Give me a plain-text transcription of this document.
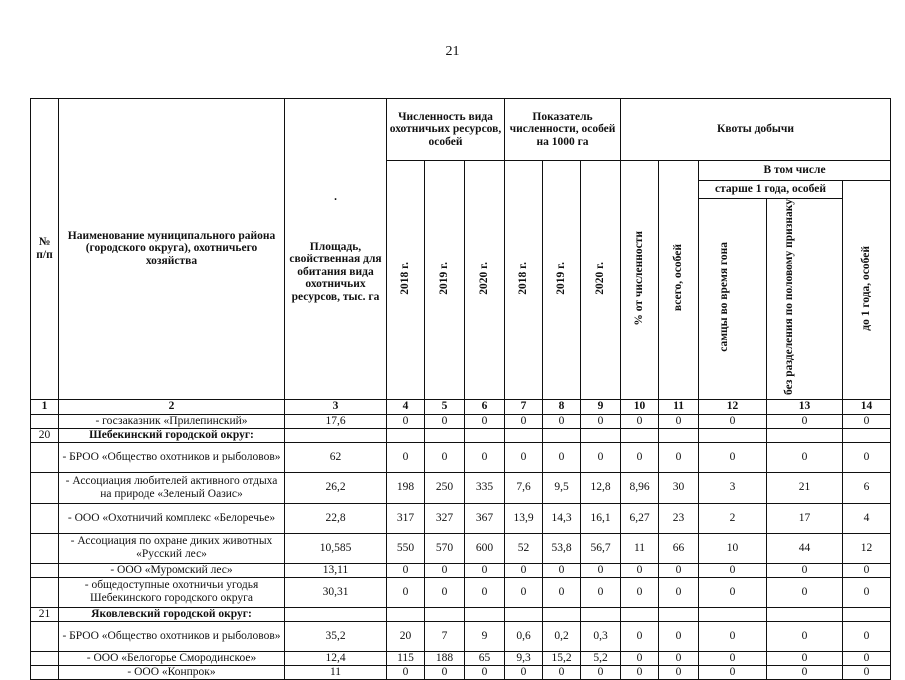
21
№ п/п	Наименование муниципального района (городского округа), охотничьего хозяйства	·
Площадь, свойственная для обитания вида охотничьих ресурсов, тыс. га	Численность вида охотничьих ресурсов, особей			Показатель численности, особей на 1000 га			Квоты добычи				
			2018 г.	2019 г.	2020 г.	2018 г.	2019 г.	2020 г.	% от численности	всего, особей	В том числе		
											старше 1 года, особей		до 1 года, особей
											самцы во время гона	без разделения по половому признаку	
1	2	3	4	5	6	7	8	9	10	11	12	13	14
	- госзаказник «Прилепинский»	17,6	0	0	0	0	0	0	0	0	0	0	0
20	Шебекинский городской округ:												
	- БРОО «Общество охотников и рыболовов»	62	0	0	0	0	0	0	0	0	0	0	0
	- Ассоциация любителей активного отдыха на природе «Зеленый Оазис»	26,2	198	250	335	7,6	9,5	12,8	8,96	30	3	21	6
	- ООО «Охотничий комплекс «Белоречье»	22,8	317	327	367	13,9	14,3	16,1	6,27	23	2	17	4
	- Ассоциация по охране диких животных «Русский лес»	10,585	550	570	600	52	53,8	56,7	11	66	10	44	12
	- ООО «Муромский лес»	13,11	0	0	0	0	0	0	0	0	0	0	0
	- общедоступные охотничьи угодья Шебекинского городского округа	30,31	0	0	0	0	0	0	0	0	0	0	0
21	Яковлевский городской округ:												
	- БРОО «Общество охотников и рыболовов»	35,2	20	7	9	0,6	0,2	0,3	0	0	0	0	0
	- ООО «Белогорье Смородинское»	12,4	115	188	65	9,3	15,2	5,2	0	0	0	0	0
	- ООО «Конпрок»	11	0	0	0	0	0	0	0	0	0	0	0
